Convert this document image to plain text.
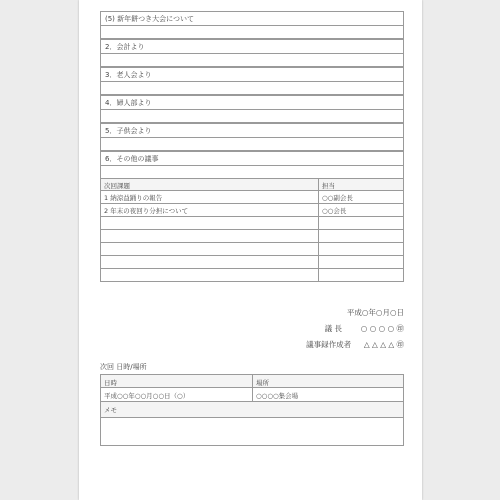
(5) 新年餅つき大会について
2．会計より
3．老人会より
4．婦人部より
5．子供会より
6．その他の議事
次回課題	担当
1 納涼益踊りの報告	○○副会長
2 年末の夜回り分担について	○○会長
平成○年○月○日
議 長	○ ○ ○ ○ ㊞
議事録作成者 △ △ △ △ ㊞
次回 日時/場所
日時	場所
平成○○年○○月○○日（○）	○○○○集会場
メモ
